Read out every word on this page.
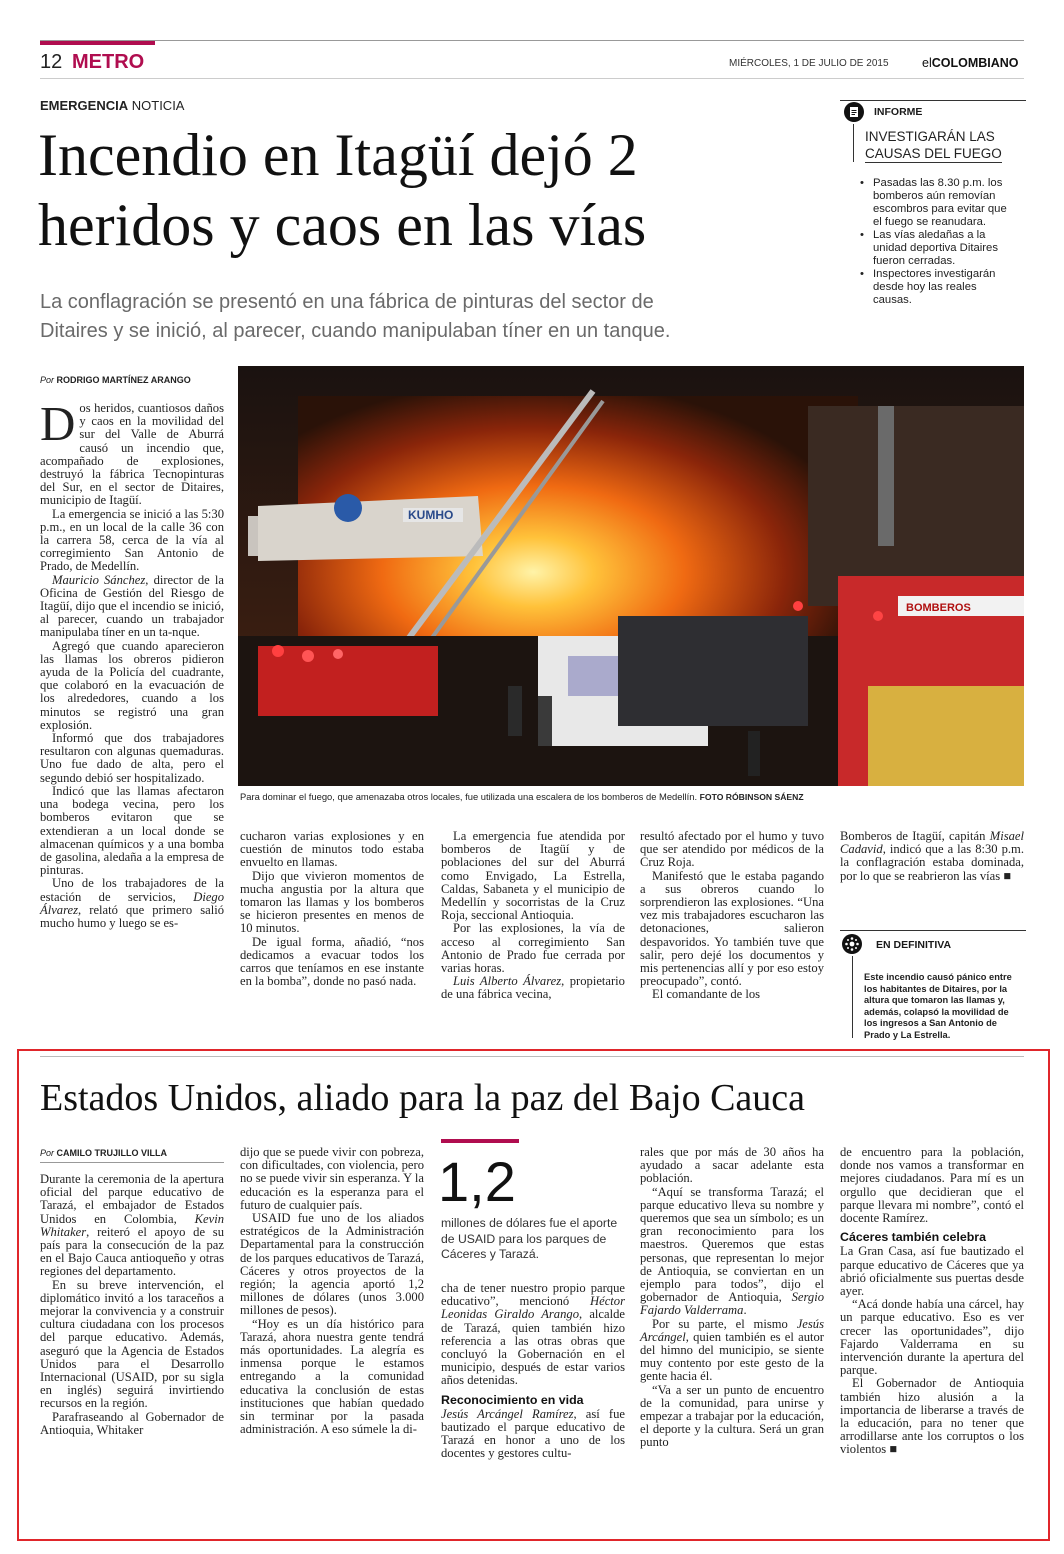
12 METRO	MIÉRCOLES, 1 DE JULIO DE 2015	elCOLOMBIANO
EMERGENCIA NOTICIA
Incendio en Itagüí dejó 2
heridos y caos en las vías
La conflagración se presentó en una fábrica de pinturas del sector de
Ditaires y se inició, al parecer, cuando manipulaban tíner en un tanque.
INFORME
INVESTIGARÁN LAS
CAUSAS DEL FUEGO
• Pasadas las 8.30 p.m. los bomberos aún removían escombros para evitar que el fuego se reanudara.
• Las vías aledañas a la unidad deportiva Ditaires fueron cerradas.
• Inspectores investigarán desde hoy las reales causas.
Por RODRIGO MARTÍNEZ ARANGO
KUMHO
BOMBEROS
Para dominar el fuego, que amenazaba otros locales, fue utilizada una escalera de los bomberos de Medellín. FOTO RÓBINSON SÁENZ

Dos heridos, cuantiosos daños y caos en la movilidad del sur del Valle de Aburrá causó un incendio que, acompañado de explosiones, destruyó la fábrica Tecnopinturas del Sur, en el sector de Ditaires, municipio de Itagüí.

La emergencia se inició a las 5:30 p.m., en un local de la calle 36 con la carrera 58, cerca de la vía al corregimiento San Antonio de Prado, de Medellín.

Mauricio Sánchez, director de la Oficina de Gestión del Riesgo de Itagüí, dijo que el incendio se inició, al parecer, cuando un trabajador manipulaba tíner en un ta-nque.

Agregó que cuando aparecieron las llamas los obreros pidieron ayuda de la Policía del cuadrante, que colaboró en la evacuación de los alrededores, cuando a los minutos se registró una gran explosión.

Informó que dos trabajadores resultaron con algunas quemaduras. Uno fue dado de alta, pero el segundo debió ser hospitalizado.

Indicó que las llamas afectaron una bodega vecina, pero los bomberos evitaron que se extendieran a un local donde se almacenan químicos y a una bomba de gasolina, aledaña a la empresa de pinturas.

Uno de los trabajadores de la estación de servicios, Diego Álvarez, relató que primero salió mucho humo y luego se es-

cucharon varias explosiones y en cuestión de minutos todo estaba envuelto en llamas.

Dijo que vivieron momentos de mucha angustia por la altura que tomaron las llamas y los bomberos se hicieron presentes en menos de 10 minutos.

De igual forma, añadió, “nos dedicamos a evacuar todos los carros que teníamos en ese instante en la bomba”, donde no pasó nada.

La emergencia fue atendida por bomberos de Itagüí y de poblaciones del sur del Aburrá como Envigado, La Estrella, Caldas, Sabaneta y el municipio de Medellín y socorristas de la Cruz Roja, seccional Antioquia.

Por las explosiones, la vía de acceso al corregimiento San Antonio de Prado fue cerrada por varias horas.

Luis Alberto Álvarez, propietario de una fábrica vecina,

resultó afectado por el humo y tuvo que ser atendido por médicos de la Cruz Roja.

Manifestó que le estaba pagando a sus obreros cuando lo sorprendieron las explosiones. “Una vez mis trabajadores escucharon las detonaciones, salieron despavoridos. Yo también tuve que salir, pero dejé los documentos y mis pertenencias allí y por eso estoy preocupado”, contó.

El comandante de los

Bomberos de Itagüí, capitán Misael Cadavid, indicó que a las 8:30 p.m. la conflagración estaba dominada, por lo que se reabrieron las vías ■

EN DEFINITIVA
Este incendio causó pánico entre los habitantes de Ditaires, por la altura que tomaron las llamas y, además, colapsó la movilidad de los ingresos a San Antonio de Prado y La Estrella.
Estados Unidos, aliado para la paz del Bajo Cauca
Por CAMILO TRUJILLO VILLA

Durante la ceremonia de la apertura oficial del parque educativo de Tarazá, el embajador de Estados Unidos en Colombia, Kevin Whitaker, reiteró el apoyo de su país para la consecución de la paz en el Bajo Cauca antioqueño y otras regiones del departamento.

En su breve intervención, el diplomático invitó a los taraceños a mejorar la convivencia y a construir cultura ciudadana con los procesos del parque educativo. Además, aseguró que la Agencia de Estados Unidos para el Desarrollo Internacional (USAID, por su sigla en inglés) seguirá invirtiendo recursos en la región.

Parafraseando al Gobernador de Antioquia, Whitaker

dijo que se puede vivir con pobreza, con dificultades, con violencia, pero no se puede vivir sin esperanza. Y la educación es la esperanza para el futuro de cualquier país.

USAID fue uno de los aliados estratégicos de la Administración Departamental para la construcción de los parques educativos de Tarazá, Cáceres y otros proyectos de la región; la agencia aportó 1,2 millones de dólares (unos 3.000 millones de pesos).

“Hoy es un día histórico para Tarazá, ahora nuestra gente tendrá más oportunidades. La alegría es inmensa porque le estamos entregando a la comunidad educativa la conclusión de estas instituciones que habían quedado sin terminar por la pasada administración. A eso súmele la di-

1,2
millones de dólares fue el aporte de USAID para los parques de Cáceres y Tarazá.

cha de tener nuestro propio parque educativo”, mencionó Héctor Leonidas Giraldo Arango, alcalde de Tarazá, quien también hizo referencia a las otras obras que concluyó la Gobernación en el municipio, después de estar varios años detenidas.

Reconocimiento en vida

Jesús Arcángel Ramírez, así fue bautizado el parque educativo de Tarazá en honor a uno de los docentes y gestores cultu-

rales que por más de 30 años ha ayudado a sacar adelante esta población.

“Aquí se transforma Tarazá; el parque educativo lleva su nombre y queremos que sea un símbolo; es un gran reconocimiento para los maestros. Queremos que estas personas, que representan lo mejor de Antioquia, se conviertan en un ejemplo para todos”, dijo el gobernador de Antioquia, Sergio Fajardo Valderrama.

Por su parte, el mismo Jesús Arcángel, quien también es el autor del himno del municipio, se siente muy contento por este gesto de la gente hacia él.

“Va a ser un punto de encuentro de la comunidad, para unirse y empezar a trabajar por la educación, el deporte y la cultura. Será un gran punto

de encuentro para la población, donde nos vamos a transformar en mejores ciudadanos. Para mí es un orgullo que decidieran que el parque llevara mi nombre”, contó el docente Ramírez.

Cáceres también celebra

La Gran Casa, así fue bautizado el parque educativo de Cáceres que ya abrió oficialmente sus puertas desde ayer.

“Acá donde había una cárcel, hay un parque educativo. Eso es ver crecer las oportunidades”, dijo Fajardo Valderrama en su intervención durante la apertura del parque.

El Gobernador de Antioquia también hizo alusión a la importancia de liberarse a través de la educación, para no tener que arrodillarse ante los corruptos o los violentos ■
